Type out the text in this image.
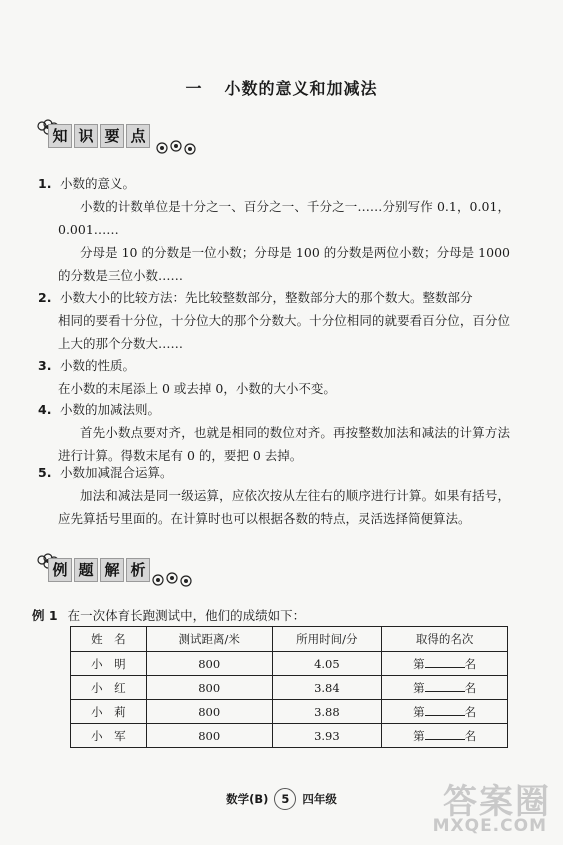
一 小数的意义和加减法
知 识 要 点
1. 小数的意义。
小数的计数单位是十分之一、百分之一、千分之一……分别写作 0.1，0.01，0.001……
分母是 10 的分数是一位小数；分母是 100 的分数是两位小数；分母是 1000 的分数是三位小数……
2. 小数大小的比较方法：先比较整数部分，整数部分大的那个数大。整数部分
相同的要看十分位，十分位大的那个分数大。十分位相同的就要看百分位，百分位上大的那个分数大……
3. 小数的性质。
在小数的末尾添上 0 或去掉 0，小数的大小不变。
4. 小数的加减法则。
首先小数点要对齐，也就是相同的数位对齐。再按整数加法和减法的计算方法进行计算。得数末尾有 0 的，要把 0 去掉。
5. 小数加减混合运算。
加法和减法是同一级运算，应依次按从左往右的顺序进行计算。如果有括号，应先算括号里面的。在计算时也可以根据各数的特点，灵活选择简便算法。
例 题 解 析
例 1 在一次体育长跑测试中，他们的成绩如下：
姓　名	测试距离/米	所用时间/分	取得的名次
小　明	800	4.05	第 名
小　红	800	3.84	第 名
小　莉	800	3.88	第 名
小　军	800	3.93	第 名
数学(B) 5 四年级	答案圈
MXQE.COM
